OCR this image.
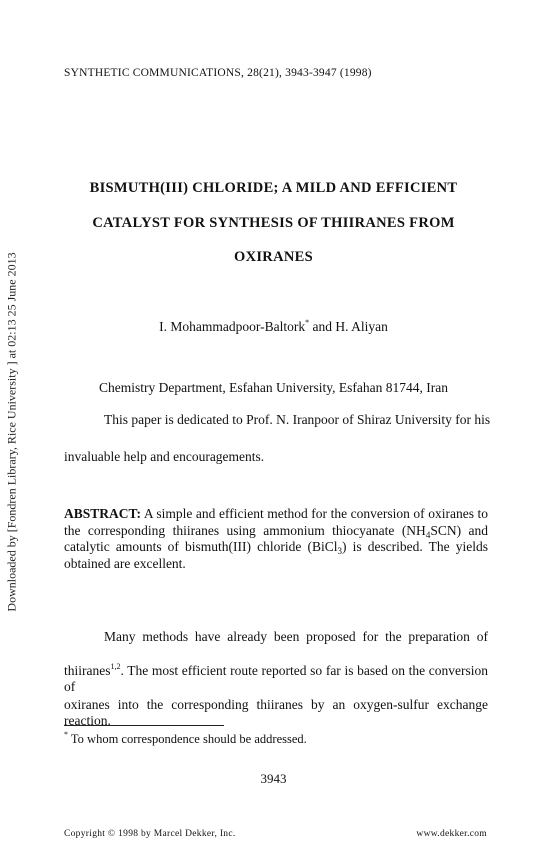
Downloaded by [Fondren Library, Rice University ] at 02:13 25 June 2013
SYNTHETIC COMMUNICATIONS, 28(21), 3943-3947 (1998)
BISMUTH(III) CHLORIDE; A MILD AND EFFICIENT
CATALYST FOR SYNTHESIS OF THIIRANES FROM
OXIRANES
I. Mohammadpoor-Baltork* and H. Aliyan
Chemistry Department, Esfahan University, Esfahan 81744, Iran
This paper is dedicated to Prof. N. Iranpoor of Shiraz University for his
invaluable help and encouragements.
ABSTRACT: A simple and efficient method for the conversion of oxiranes to the corresponding thiiranes using ammonium thiocyanate $(NH_4SCN)$ and catalytic amounts of bismuth(III) chloride (BiCl$_3$) is described. The yields obtained are excellent.
Many methods have already been proposed for the preparation of
thiiranes$^{1,2}$. The most efficient route reported so far is based on the conversion of
oxiranes into the corresponding thiiranes by an oxygen-sulfur exchange reaction.
* To whom correspondence should be addressed.
3943
Copyright © 1998 by Marcel Dekker, Inc.	www.dekker.com
